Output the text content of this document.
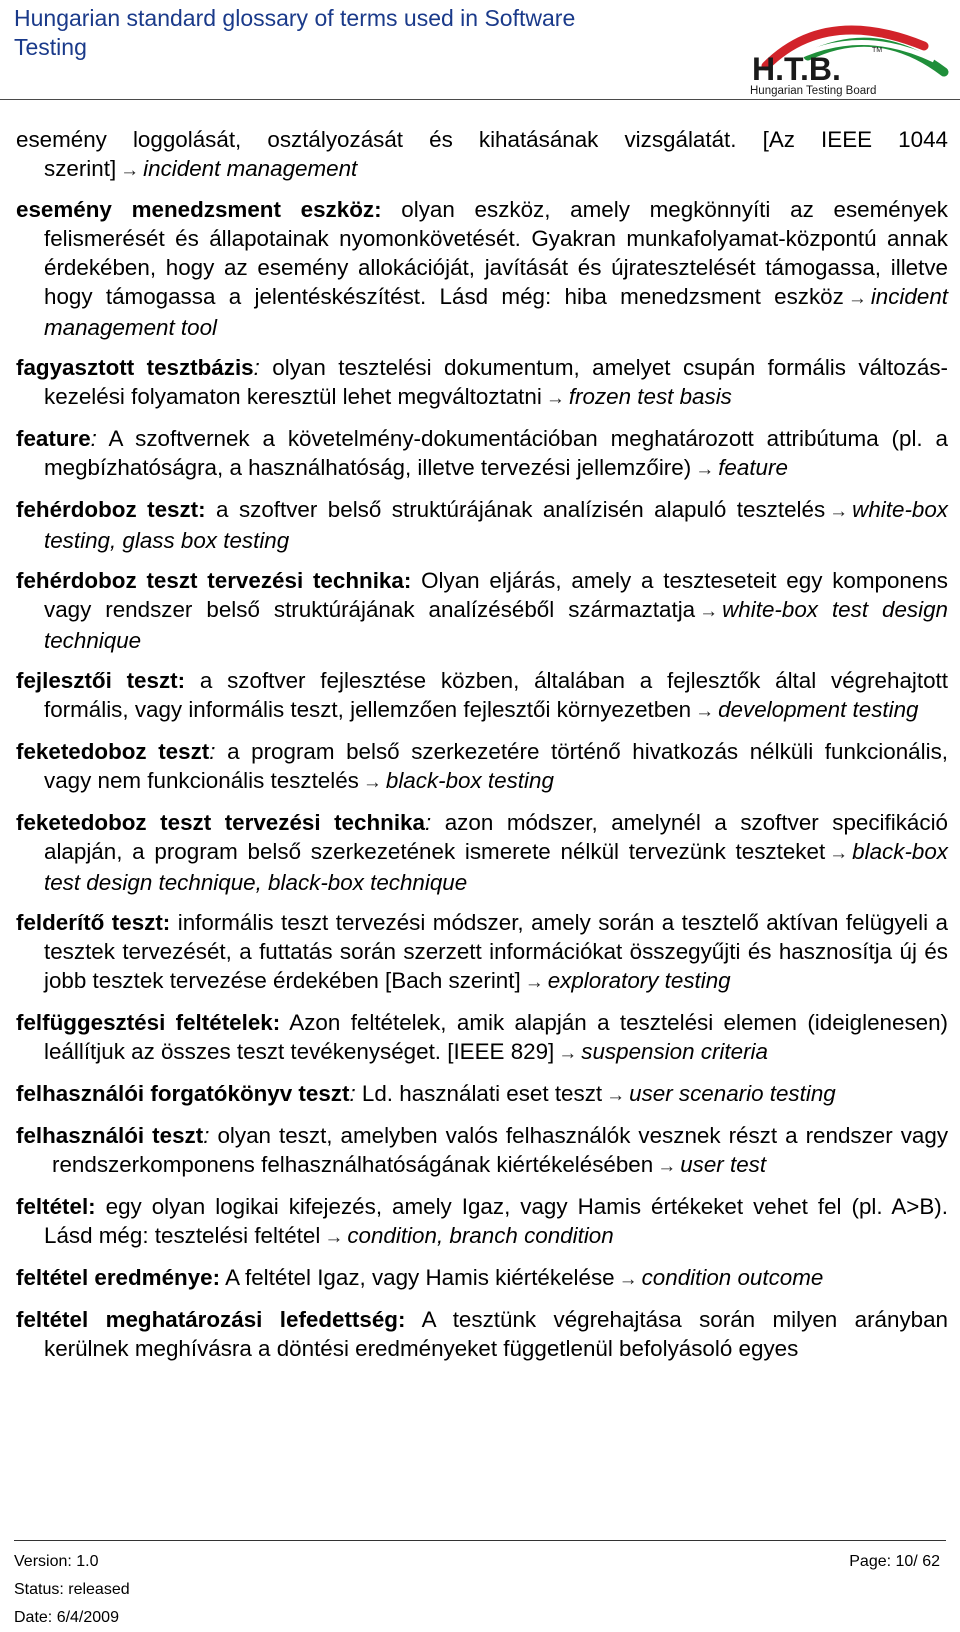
Hungarian standard glossary of terms used in Software Testing
H.T.B.
TM
Hungarian Testing Board
esemény loggolását, osztályozását és kihatásának vizsgálatát. [Az IEEE 1044 szerint] → incident management
esemény menedzsment eszköz: olyan eszköz, amely megkönnyíti az események felismerését és állapotainak nyomonkövetését. Gyakran munkafolyamat-központú annak érdekében, hogy az esemény allokációját, javítását és újratesztelését támogassa, illetve hogy támogassa a jelentéskészítést. Lásd még: hiba menedzsment eszköz → incident management tool
fagyasztott tesztbázis: olyan tesztelési dokumentum, amelyet csupán formális változás-kezelési folyamaton keresztül lehet megváltoztatni → frozen test basis
feature: A szoftvernek a követelmény-dokumentációban meghatározott attribútuma (pl. a megbízhatóságra, a használhatóság, illetve tervezési jellemzőire) → feature
fehérdoboz teszt: a szoftver belső struktúrájának analízisén alapuló tesztelés → white-box testing, glass box testing
fehérdoboz teszt tervezési technika: Olyan eljárás, amely a teszteseteit egy komponens vagy rendszer belső struktúrájának analízéséből származtatja → white-box test design technique
fejlesztői teszt: a szoftver fejlesztése közben, általában a fejlesztők által végrehajtott formális, vagy informális teszt, jellemzően fejlesztői környezetben → development testing
feketedoboz teszt: a program belső szerkezetére történő hivatkozás nélküli funkcionális, vagy nem funkcionális tesztelés → black-box testing
feketedoboz teszt tervezési technika: azon módszer, amelynél a szoftver specifikáció alapján, a program belső szerkezetének ismerete nélkül tervezünk teszteket → black-box test design technique, black-box technique
felderítő teszt: informális teszt tervezési módszer, amely során a tesztelő aktívan felügyeli a tesztek tervezését, a futtatás során szerzett információkat összegyűjti és hasznosítja új és jobb tesztek tervezése érdekében [Bach szerint] → exploratory testing
felfüggesztési feltételek: Azon feltételek, amik alapján a tesztelési elemen (ideiglenesen) leállítjuk az összes teszt tevékenységet. [IEEE 829] → suspension criteria
felhasználói forgatókönyv teszt: Ld. használati eset teszt → user scenario testing
felhasználói teszt: olyan teszt, amelyben valós felhasználók vesznek részt a rendszer vagy rendszerkomponens felhasználhatóságának kiértékelésében → user test
feltétel: egy olyan logikai kifejezés, amely Igaz, vagy Hamis értékeket vehet fel (pl. A>B). Lásd még: tesztelési feltétel → condition, branch condition
feltétel eredménye: A feltétel Igaz, vagy Hamis kiértékelése → condition outcome
feltétel meghatározási lefedettség: A tesztünk végrehajtása során milyen arányban kerülnek meghívásra a döntési eredményeket függetlenül befolyásoló egyes
Version: 1.0
Status: released
Date: 6/4/2009
Page: 10/ 62
